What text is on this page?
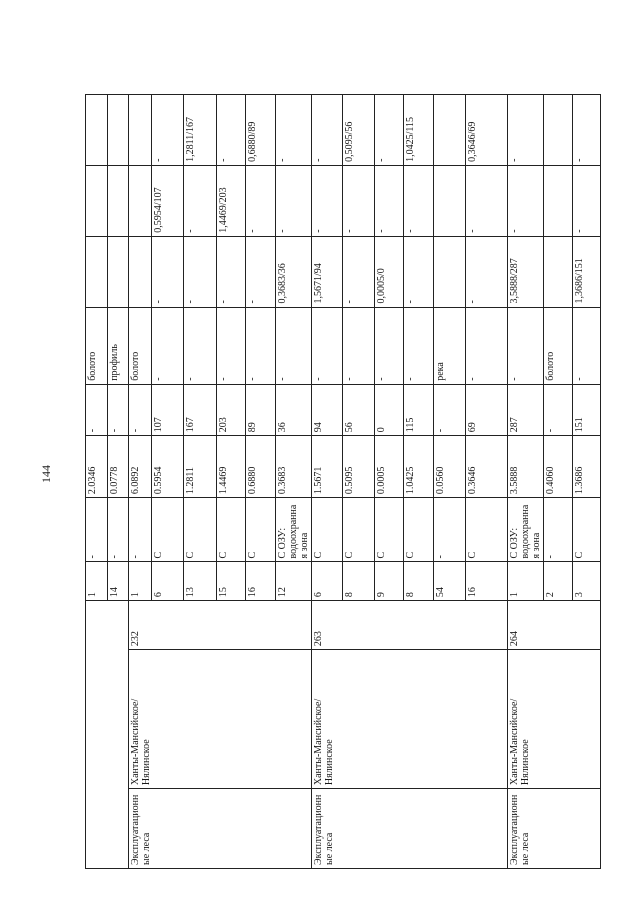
144
			1	-	2.0346	-	болото			
			14	-	0.0778	-	профиль			
Эксплуатационн ые леса	Ханты-Мансийское/Нялинское	232	1	-	6.0892	-	болото			
			6	С	0.5954	107	-	-	0,5954/107	-
			13	С	1.2811	167	-	-	-	1,2811/167
			15	С	1.4469	203	-	-	1,4469/203	-
			16	С	0.6880	89	-	-	-	0,6880/89
			12	С ОЗУ: водоохранная зона	0.3683	36	-	0,3683/36	-	-
Эксплуатационн ые леса	Ханты-Мансийское/Нялинское	263	6	С	1.5671	94	-	1,5671/94	-	-
			8	С	0.5095	56	-	-	-	0,5095/56
			9	С	0.0005	0	-	0,0005/0	-	-
			8	С	1.0425	115	-	-	-	1,0425/115
			54	-	0.0560	-	река			
			16	С	0.3646	69	-	-	-	0,3646/69
Эксплуатационн ые леса	Ханты-Мансийское/Нялинское	264	1	С ОЗУ: водоохранная зона	3.5888	287	-	3,5888/287	-	-
			2	-	0.4060	-	болото			
			3	С	1.3686	151	-	1,3686/151	-	-
